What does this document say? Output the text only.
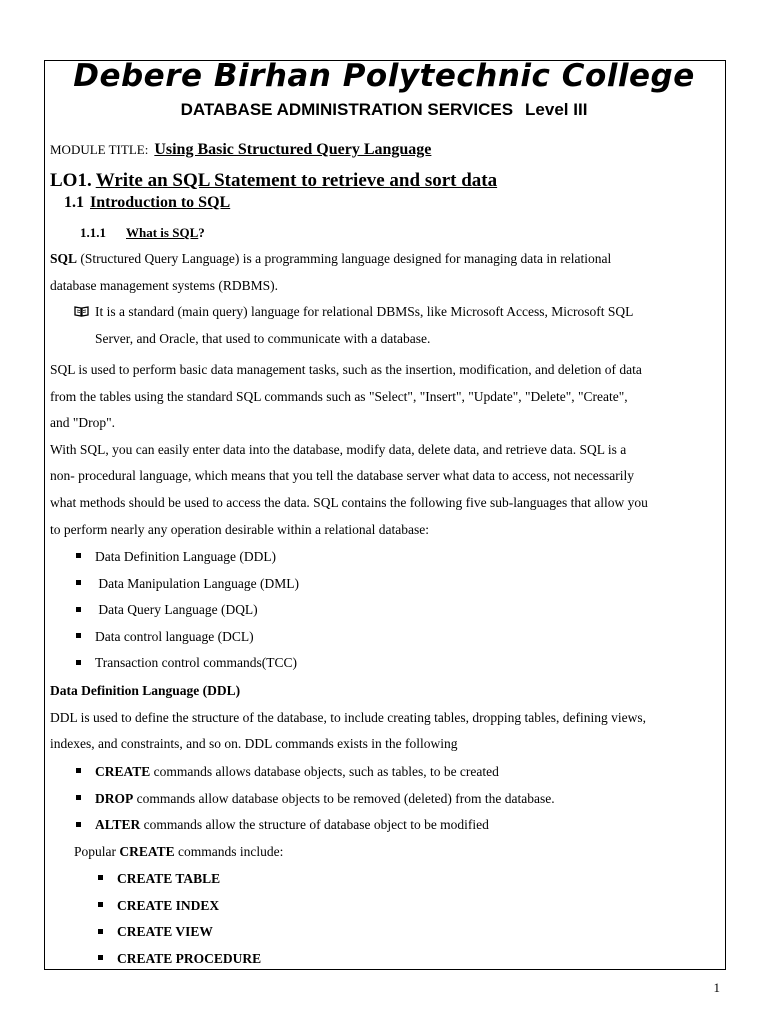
Debere Birhan Polytechnic College
DATABASE ADMINISTRATION SERVICES Level III
MODULE TITLE: Using Basic Structured Query Language
LO1. Write an SQL Statement to retrieve and sort data
1.1 Introduction to SQL
1.1.1 What is SQL?
SQL (Structured Query Language) is a programming language designed for managing data in relational
database management systems (RDBMS).
It is a standard (main query) language for relational DBMSs, like Microsoft Access, Microsoft SQL
Server, and Oracle, that used to communicate with a database.
SQL is used to perform basic data management tasks, such as the insertion, modification, and deletion of data
from the tables using the standard SQL commands such as "Select", "Insert", "Update", "Delete", "Create",
and "Drop".
With SQL, you can easily enter data into the database, modify data, delete data, and retrieve data. SQL is a
non- procedural language, which means that you tell the database server what data to access, not necessarily
what methods should be used to access the data. SQL contains the following five sub-languages that allow you
to perform nearly any operation desirable within a relational database:
Data Definition Language (DDL)
Data Manipulation Language (DML)
Data Query Language (DQL)
Data control language (DCL)
Transaction control commands(TCC)
Data Definition Language (DDL)
DDL is used to define the structure of the database, to include creating tables, dropping tables, defining views,
indexes, and constraints, and so on. DDL commands exists in the following
CREATE commands allows database objects, such as tables, to be created
DROP commands allow database objects to be removed (deleted) from the database.
ALTER commands allow the structure of database object to be modified
Popular CREATE commands include:
CREATE TABLE
CREATE INDEX
CREATE VIEW
CREATE PROCEDURE
1
